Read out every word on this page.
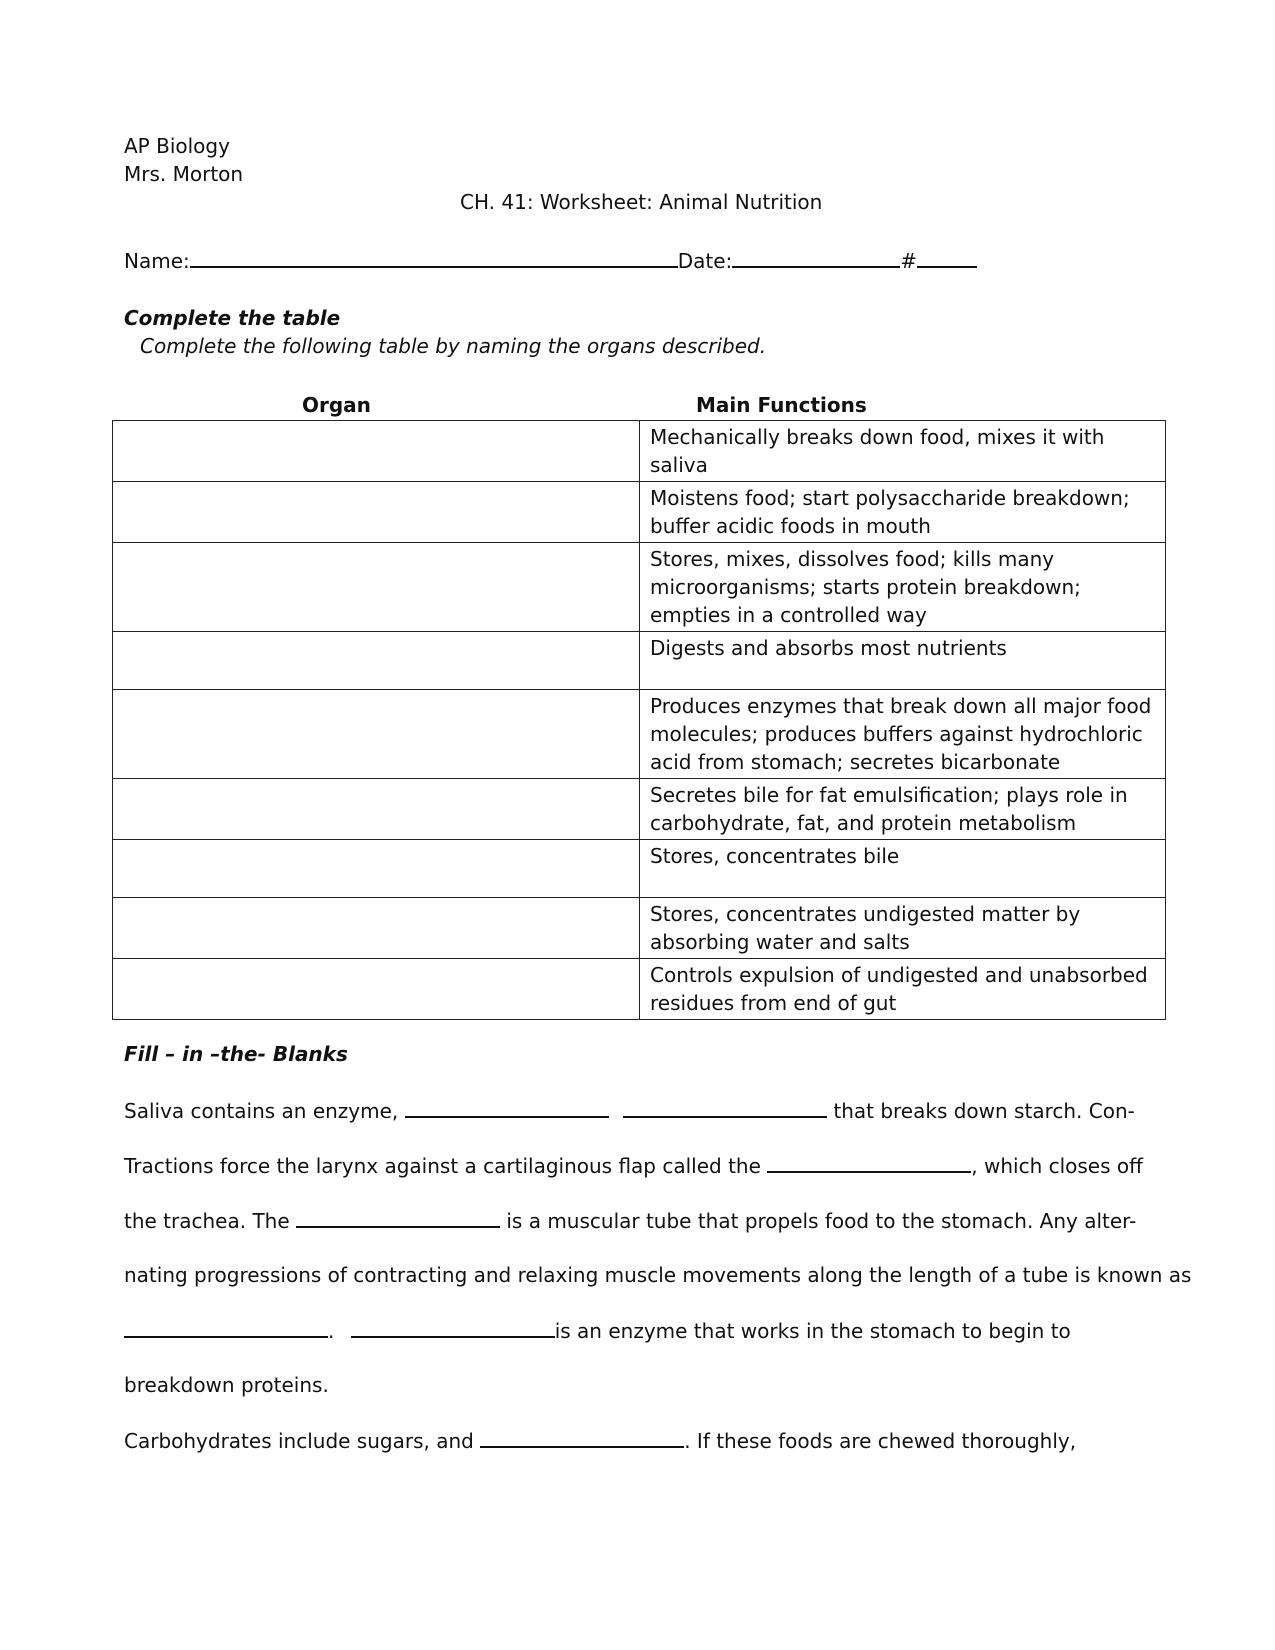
AP Biology
Mrs. Morton
CH. 41: Worksheet: Animal Nutrition
Name:	Date:	#
Complete the table
Complete the following table by naming the organs described.
Organ	Main Functions
	Mechanically breaks down food, mixes it with saliva
	Moistens food; start polysaccharide breakdown; buffer acidic foods in mouth
	Stores, mixes, dissolves food; kills many microorganisms; starts protein breakdown; empties in a controlled way
	Digests and absorbs most nutrients
	Produces enzymes that break down all major food molecules; produces buffers against hydrochloric acid from stomach; secretes bicarbonate
	Secretes bile for fat emulsification; plays role in carbohydrate, fat, and protein metabolism
	Stores, concentrates bile
	Stores, concentrates undigested matter by absorbing water and salts
	Controls expulsion of undigested and unabsorbed residues from end of gut
Fill – in –the- Blanks
Saliva contains an enzyme,	that breaks down starch. Con-
Tractions force the larynx against a cartilaginous flap called the	, which closes off
the trachea. The	is a muscular tube that propels food to the stomach. Any alter-
nating progressions of contracting and relaxing muscle movements along the length of a tube is known as
.	is an enzyme that works in the stomach to begin to
breakdown proteins.
Carbohydrates include sugars, and	. If these foods are chewed thoroughly,
